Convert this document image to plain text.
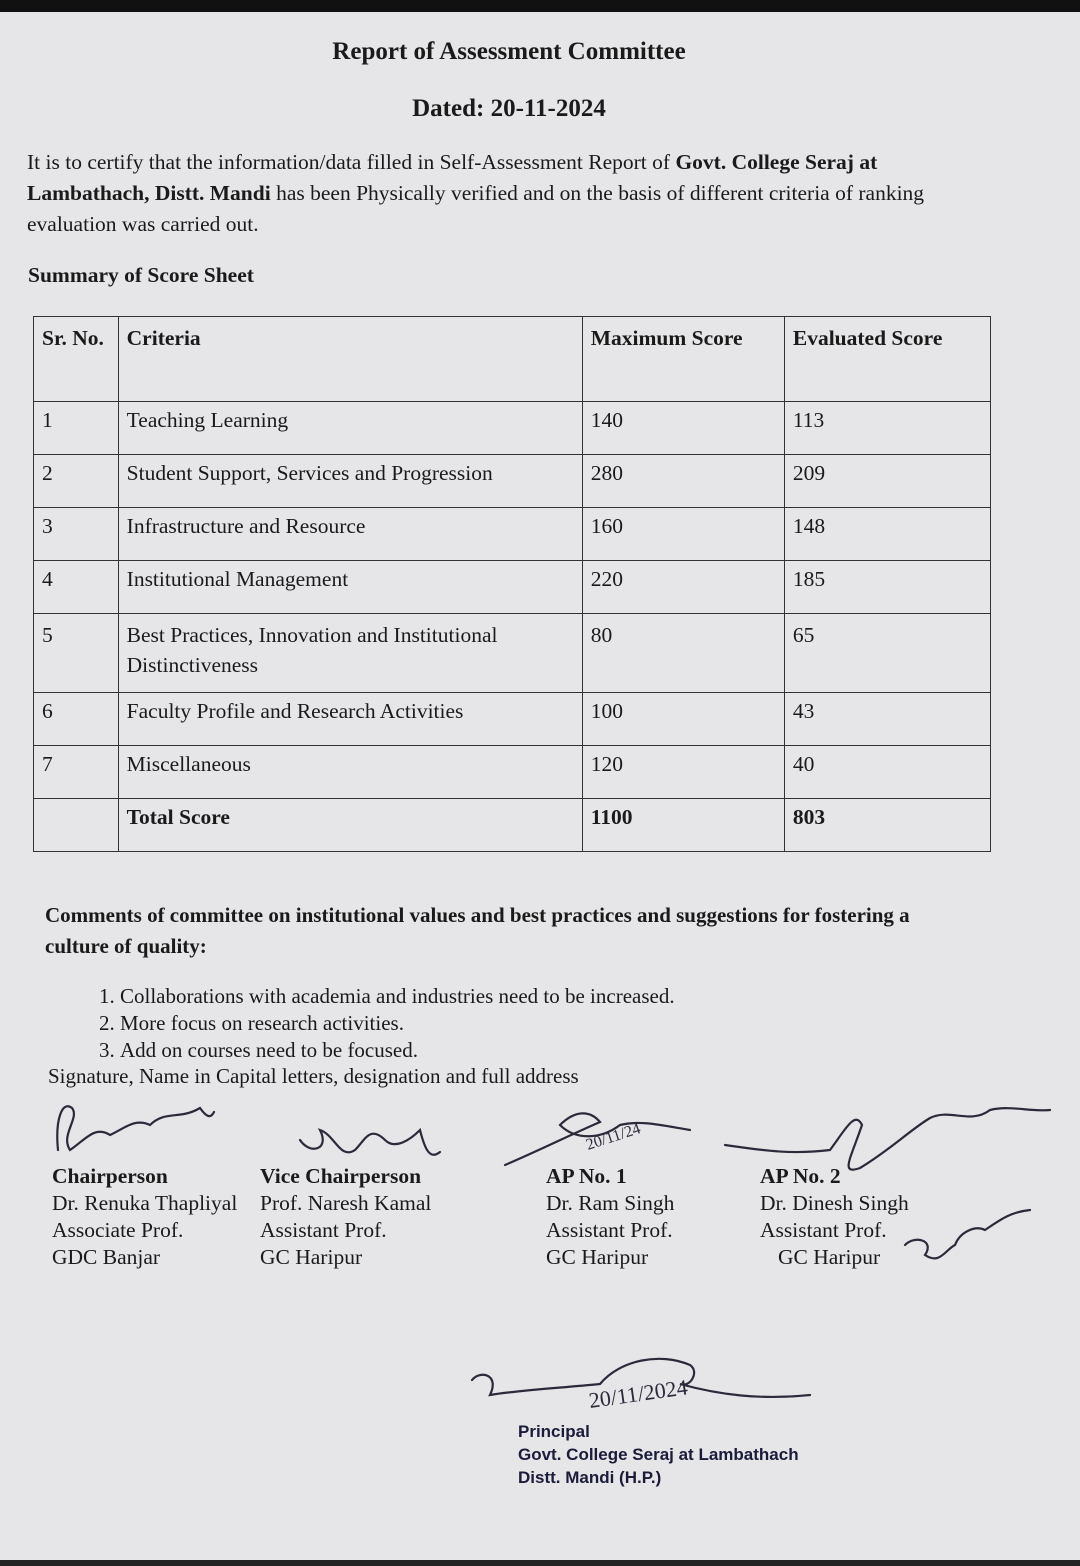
Report of Assessment Committee
Dated: 20-11-2024
It is to certify that the information/data filled in Self-Assessment Report of Govt. College Seraj at Lambathach, Distt. Mandi has been Physically verified and on the basis of different criteria of ranking evaluation was carried out.
Summary of Score Sheet
Sr. No.	Criteria	Maximum Score	Evaluated Score
1	Teaching Learning	140	113
2	Student Support, Services and Progression	280	209
3	Infrastructure and Resource	160	148
4	Institutional Management	220	185
5	Best Practices, Innovation and Institutional Distinctiveness	80	65
6	Faculty Profile and Research Activities	100	43
7	Miscellaneous	120	40
	Total Score	1100	803
Comments of committee on institutional values and best practices and suggestions for fostering a culture of quality:
1. Collaborations with academia and industries need to be increased.
2. More focus on research activities.
3. Add on courses need to be focused.
Signature, Name in Capital letters, designation and full address
20/11/24
20/11/2024
Chairperson
Dr. Renuka Thapliyal
Associate Prof.
GDC Banjar
Vice Chairperson
Prof. Naresh Kamal
Assistant Prof.
GC Haripur
AP No. 1
Dr. Ram Singh
Assistant Prof.
GC Haripur
AP No. 2
Dr. Dinesh Singh
Assistant Prof.
GC Haripur
Principal
Govt. College Seraj at Lambathach
Distt. Mandi (H.P.)
